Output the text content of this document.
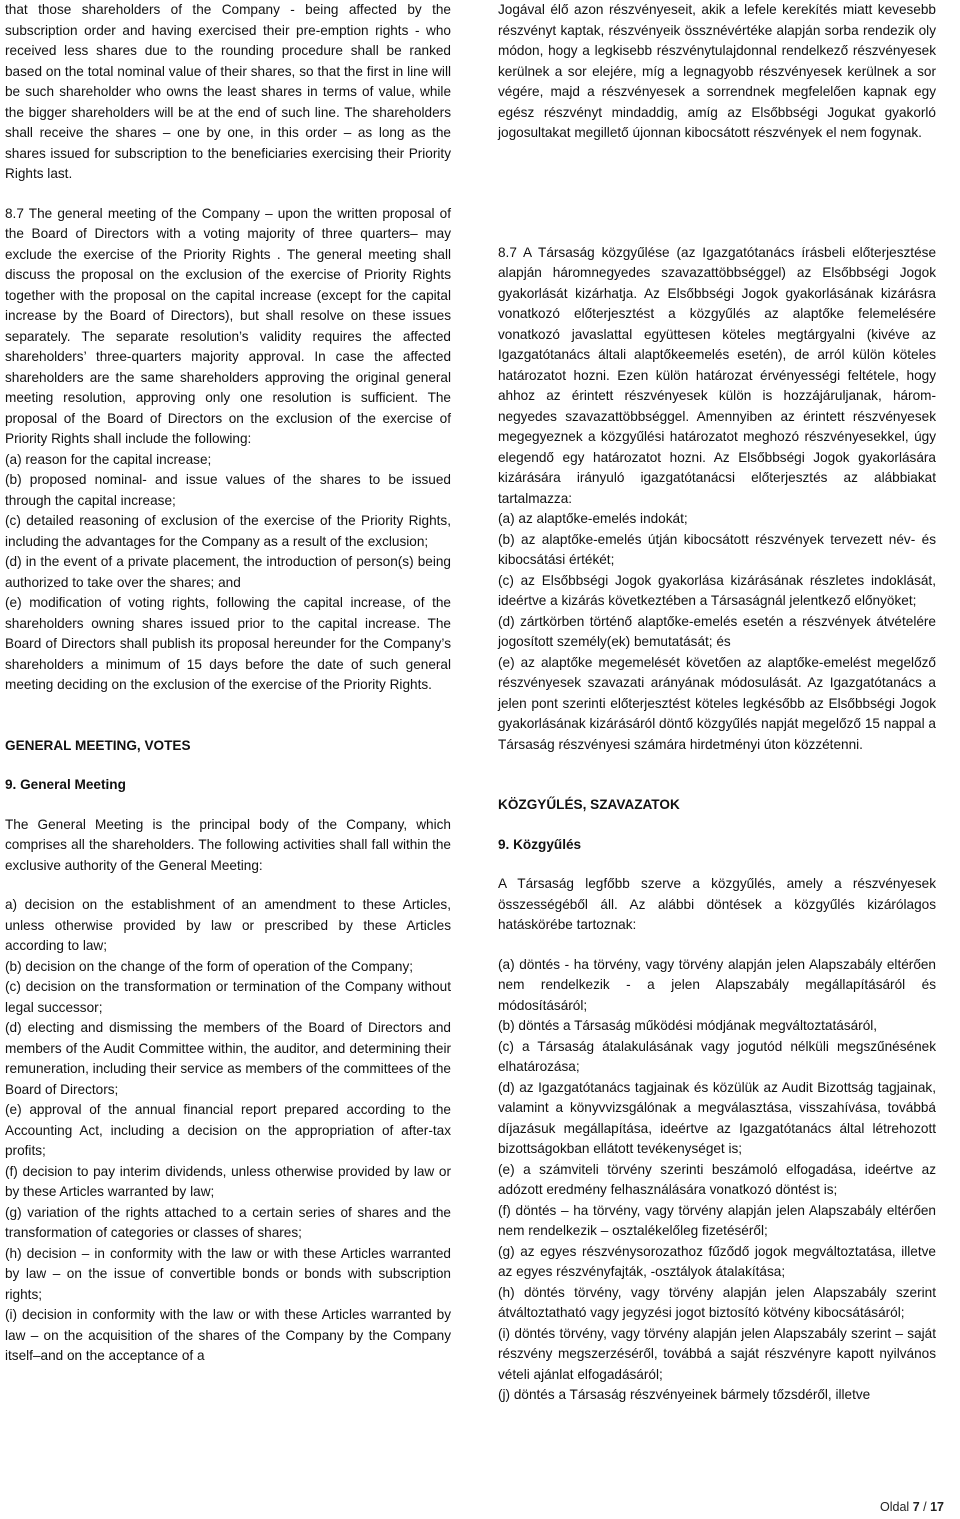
that those shareholders of the Company - being affected by the subscription order and having exercised their pre-emption rights - who received less shares due to the rounding procedure shall be ranked based on the total nominal value of their shares, so that the first in line will be such shareholder who owns the least shares in terms of value, while the bigger shareholders will be at the end of such line. The shareholders shall receive the shares – one by one, in this order – as long as the shares issued for subscription to the beneficiaries exercising their Priority Rights last.

8.7 The general meeting of the Company – upon the written proposal of the Board of Directors with a voting majority of three quarters– may exclude the exercise of the Priority Rights . The general meeting shall discuss the proposal on the exclusion of the exercise of Priority Rights together with the proposal on the capital increase (except for the capital increase by the Board of Directors), but shall resolve on these issues separately. The separate resolution’s validity requires the affected shareholders’ three-quarters majority approval. In case the affected shareholders are the same shareholders approving the original general meeting resolution, approving only one resolution is sufficient. The proposal of the Board of Directors on the exclusion of the exercise of Priority Rights shall include the following:

(a) reason for the capital increase;

(b) proposed nominal- and issue values of the shares to be issued through the capital increase;

(c) detailed reasoning of exclusion of the exercise of the Priority Rights, including the advantages for the Company as a result of the exclusion;

(d) in the event of a private placement, the introduction of person(s) being authorized to take over the shares; and

(e) modification of voting rights, following the capital increase, of the shareholders owning shares issued prior to the capital increase. The Board of Directors shall publish its proposal hereunder for the Company’s shareholders a minimum of 15 days before the date of such general meeting deciding on the exclusion of the exercise of the Priority Rights.

GENERAL MEETING, VOTES

9. General Meeting

The General Meeting is the principal body of the Company, which comprises all the shareholders. The following activities shall fall within the exclusive authority of the General Meeting:

a) decision on the establishment of an amendment to these Articles, unless otherwise provided by law or prescribed by these Articles according to law;

(b) decision on the change of the form of operation of the Company;

(c) decision on the transformation or termination of the Company without legal successor;

(d) electing and dismissing the members of the Board of Directors and members of the Audit Committee within, the auditor, and determining their remuneration, including their service as members of the committees of the Board of Directors;

(e) approval of the annual financial report prepared according to the Accounting Act, including a decision on the appropriation of after-tax profits;

(f) decision to pay interim dividends, unless otherwise provided by law or by these Articles warranted by law;

(g) variation of the rights attached to a certain series of shares and the transformation of categories or classes of shares;

(h) decision – in conformity with the law or with these Articles warranted by law – on the issue of convertible bonds or bonds with subscription rights;

(i) decision in conformity with the law or with these Articles warranted by law – on the acquisition of the shares of the Company by the Company itself–and on the acceptance of a

Jogával élő azon részvényeseit, akik a lefele kerekítés miatt kevesebb részvényt kaptak, részvényeik össznévértéke alapján sorba rendezik oly módon, hogy a legkisebb részvénytulajdonnal rendelkező részvényesek kerülnek a sor elejére, míg a legnagyobb részvényesek kerülnek a sor végére, majd a részvényesek a sorrendnek megfelelően kapnak egy egész részvényt mindaddig, amíg az Elsőbbségi Jogukat gyakorló jogosultakat megillető újonnan kibocsátott részvények el nem fogynak.

8.7 A Társaság közgyűlése (az Igazgatótanács írásbeli előterjesztése alapján háromnegyedes szavazattöbbséggel) az Elsőbbségi Jogok gyakorlását kizárhatja. Az Elsőbbségi Jogok gyakorlásának kizárásra vonatkozó előterjesztést a közgyűlés az alaptőke felemelésére vonatkozó javaslattal együttesen köteles megtárgyalni (kivéve az Igazgatótanács általi alaptőkeemelés esetén), de arról külön köteles határozatot hozni. Ezen külön határozat érvényességi feltétele, hogy ahhoz az érintett részvényesek külön is hozzájáruljanak, három-negyedes szavazattöbbséggel. Amennyiben az érintett részvényesek megegyeznek a közgyűlési határozatot meghozó részvényesekkel, úgy elegendő egy határozatot hozni. Az Elsőbbségi Jogok gyakorlására kizárására irányuló igazgatótanácsi előterjesztés az alábbiakat tartalmazza:

(a) az alaptőke-emelés indokát;

(b) az alaptőke-emelés útján kibocsátott részvények tervezett név- és kibocsátási értékét;

(c) az Elsőbbségi Jogok gyakorlása kizárásának részletes indoklását, ideértve a kizárás következtében a Társaságnál jelentkező előnyöket;

(d) zártkörben történő alaptőke-emelés esetén a részvények átvételére jogosított személy(ek) bemutatását; és

(e) az alaptőke megemelését követően az alaptőke-emelést megelőző részvényesek szavazati arányának módosulását. Az Igazgatótanács a jelen pont szerinti előterjesztést köteles legkésőbb az Elsőbbségi Jogok gyakorlásának kizárásáról döntő közgyűlés napját megelőző 15 nappal a Társaság részvényesi számára hirdetményi úton közzétenni.

KÖZGYŰLÉS, SZAVAZATOK

9. Közgyűlés

A Társaság legfőbb szerve a közgyűlés, amely a részvényesek összességéből áll. Az alábbi döntések a közgyűlés kizárólagos hatáskörébe tartoznak:

(a) döntés - ha törvény, vagy törvény alapján jelen Alapszabály eltérően nem rendelkezik - a jelen Alapszabály megállapításáról és módosításáról;

(b) döntés a Társaság működési módjának megváltoztatásáról,

(c) a Társaság átalakulásának vagy jogutód nélküli megszűnésének elhatározása;

(d) az Igazgatótanács tagjainak és közülük az Audit Bizottság tagjainak, valamint a könyvvizsgálónak a megválasztása, visszahívása, továbbá díjazásuk megállapítása, ideértve az Igazgatótanács által létrehozott bizottságokban ellátott tevékenységet is;

(e) a számviteli törvény szerinti beszámoló elfogadása, ideértve az adózott eredmény felhasználására vonatkozó döntést is;

(f) döntés – ha törvény, vagy törvény alapján jelen Alapszabály eltérően nem rendelkezik – osztalékelőleg fizetéséről;

(g) az egyes részvénysorozathoz fűződő jogok megváltoztatása, illetve az egyes részvényfajták, -osztályok átalakítása;

(h) döntés törvény, vagy törvény alapján jelen Alapszabály szerint átváltoztatható vagy jegyzési jogot biztosító kötvény kibocsátásáról;

(i) döntés törvény, vagy törvény alapján jelen Alapszabály szerint – saját részvény megszerzéséről, továbbá a saját részvényre kapott nyilvános vételi ajánlat elfogadásáról;

(j) döntés a Társaság részvényeinek bármely tőzsdéről, illetve

Oldal 7 / 17
